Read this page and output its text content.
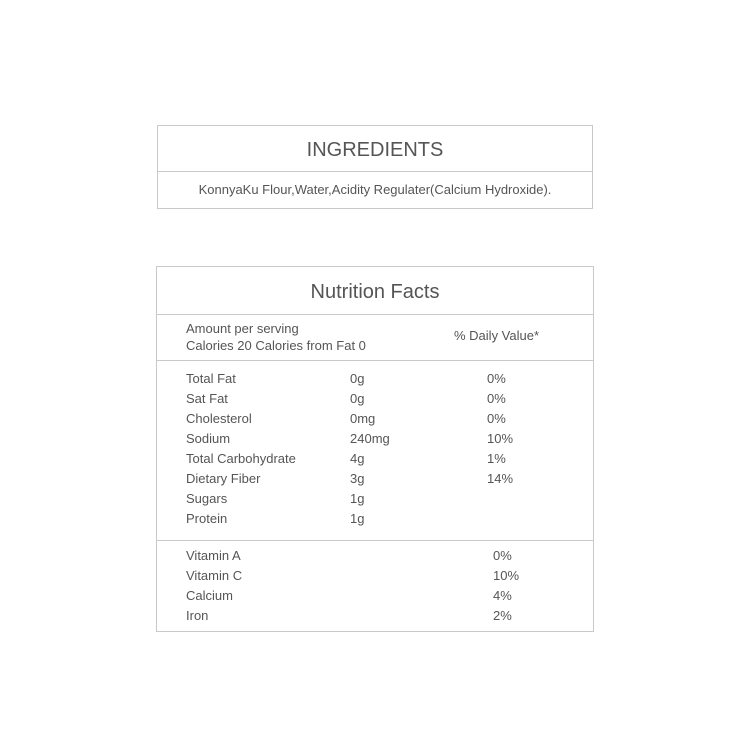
INGREDIENTS
KonnyaKu Flour,Water,Acidity Regulater(Calcium Hydroxide).
Nutrition Facts
Amount per serving
Calories 20 Calories from Fat 0
% Daily Value*
Total Fat	0g	0%
Sat Fat	0g	0%
Cholesterol	0mg	0%
Sodium	240mg	10%
Total Carbohydrate	4g	1%
Dietary Fiber	3g	14%
Sugars	1g
Protein	1g
Vitamin A	0%
Vitamin C	10%
Calcium	4%
Iron	2%
